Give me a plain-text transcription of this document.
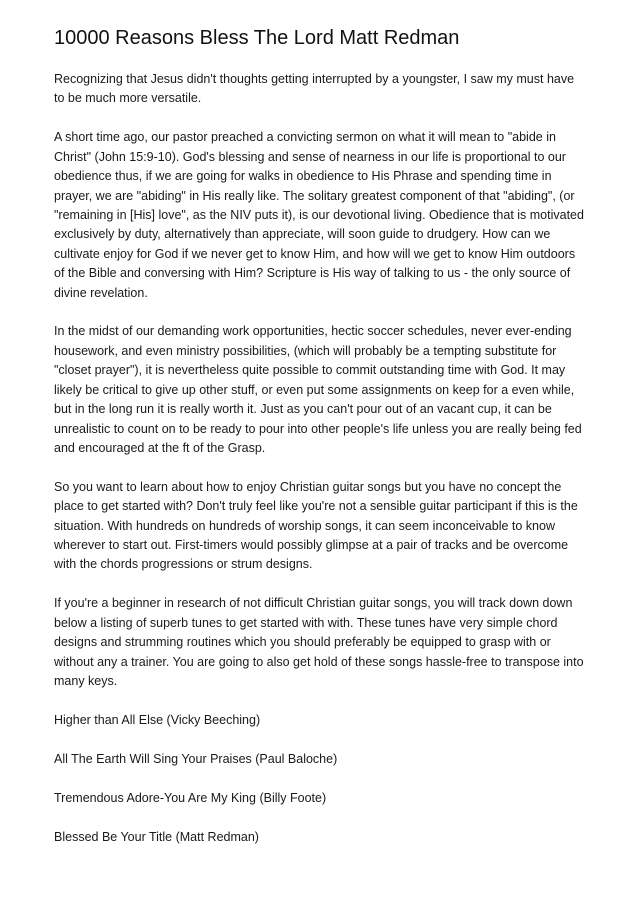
10000 Reasons Bless The Lord Matt Redman

Recognizing that Jesus didn't thoughts getting interrupted by a youngster, I saw my must have to be much more versatile.

A short time ago, our pastor preached a convicting sermon on what it will mean to "abide in Christ" (John 15:9-10). God's blessing and sense of nearness in our life is proportional to our obedience thus, if we are going for walks in obedience to His Phrase and spending time in prayer, we are "abiding" in His really like. The solitary greatest component of that "abiding", (or "remaining in [His] love", as the NIV puts it), is our devotional living. Obedience that is motivated exclusively by duty, alternatively than appreciate, will soon guide to drudgery. How can we cultivate enjoy for God if we never get to know Him, and how will we get to know Him outdoors of the Bible and conversing with Him? Scripture is His way of talking to us - the only source of divine revelation.

In the midst of our demanding work opportunities, hectic soccer schedules, never ever-ending housework, and even ministry possibilities, (which will probably be a tempting substitute for "closet prayer"), it is nevertheless quite possible to commit outstanding time with God. It may likely be critical to give up other stuff, or even put some assignments on keep for a even while, but in the long run it is really worth it. Just as you can't pour out of an vacant cup, it can be unrealistic to count on to be ready to pour into other people's life unless you are really being fed and encouraged at the ft of the Grasp.

So you want to learn about how to enjoy Christian guitar songs but you have no concept the place to get started with? Don't truly feel like you're not a sensible guitar participant if this is the situation. With hundreds on hundreds of worship songs, it can seem inconceivable to know wherever to start out. First-timers would possibly glimpse at a pair of tracks and be overcome with the chords progressions or strum designs.

If you're a beginner in research of not difficult Christian guitar songs, you will track down down below a listing of superb tunes to get started with with. These tunes have very simple chord designs and strumming routines which you should preferably be equipped to grasp with or without any a trainer. You are going to also get hold of these songs hassle-free to transpose into many keys.

Higher than All Else (Vicky Beeching)

All The Earth Will Sing Your Praises (Paul Baloche)

Tremendous Adore-You Are My King (Billy Foote)

Blessed Be Your Title (Matt Redman)
